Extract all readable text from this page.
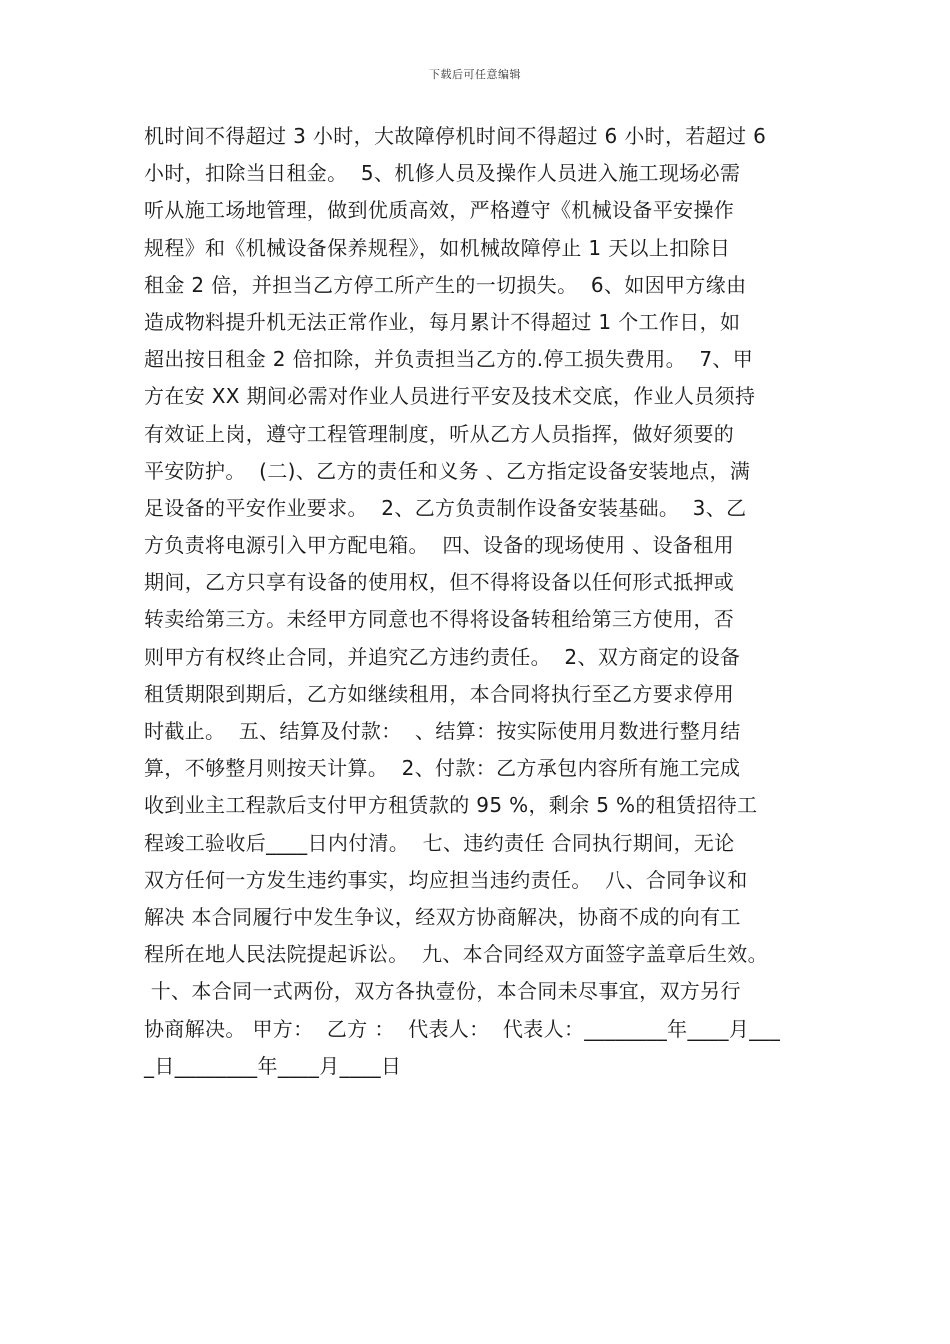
下载后可任意编辑
机时间不得超过 3 小时，大故障停机时间不得超过 6 小时，若超过 6
小时，扣除当日租金。  5、机修人员及操作人员进入施工现场必需
听从施工场地管理，做到优质高效，严格遵守《机械设备平安操作
规程》和《机械设备保养规程》，如机械故障停止 1 天以上扣除日
租金 2 倍，并担当乙方停工所产生的一切损失。  6、如因甲方缘由
造成物料提升机无法正常作业，每月累计不得超过 1 个工作日，如
超出按日租金 2 倍扣除，并负责担当乙方的.停工损失费用。  7、甲
方在安 XX 期间必需对作业人员进行平安及技术交底，作业人员须持
有效证上岗，遵守工程管理制度，听从乙方人员指挥，做好须要的
平安防护。  (二)、乙方的责任和义务 、乙方指定设备安装地点，满
足设备的平安作业要求。  2、乙方负责制作设备安装基础。  3、乙
方负责将电源引入甲方配电箱。  四、设备的现场使用 、设备租用
期间，乙方只享有设备的使用权，但不得将设备以任何形式抵押或
转卖给第三方。未经甲方同意也不得将设备转租给第三方使用，否
则甲方有权终止合同，并追究乙方违约责任。  2、双方商定的设备
租赁期限到期后，乙方如继续租用，本合同将执行至乙方要求停用
时截止。  五、结算及付款：  、结算：按实际使用月数进行整月结
算，不够整月则按天计算。  2、付款：乙方承包内容所有施工完成
收到业主工程款后支付甲方租赁款的 95 %，剩余 5 %的租赁招待工
程竣工验收后____日内付清。  七、违约责任 合同执行期间，无论
双方任何一方发生违约事实，均应担当违约责任。  八、合同争议和
解决 本合同履行中发生争议，经双方协商解决，协商不成的向有工
程所在地人民法院提起诉讼。  九、本合同经双方面签字盖章后生效。
十、本合同一式两份，双方各执壹份，本合同未尽事宜，双方另行
协商解决。 甲方：  乙方 ：  代表人：  代表人：________年____月___
_日________年____月____日
